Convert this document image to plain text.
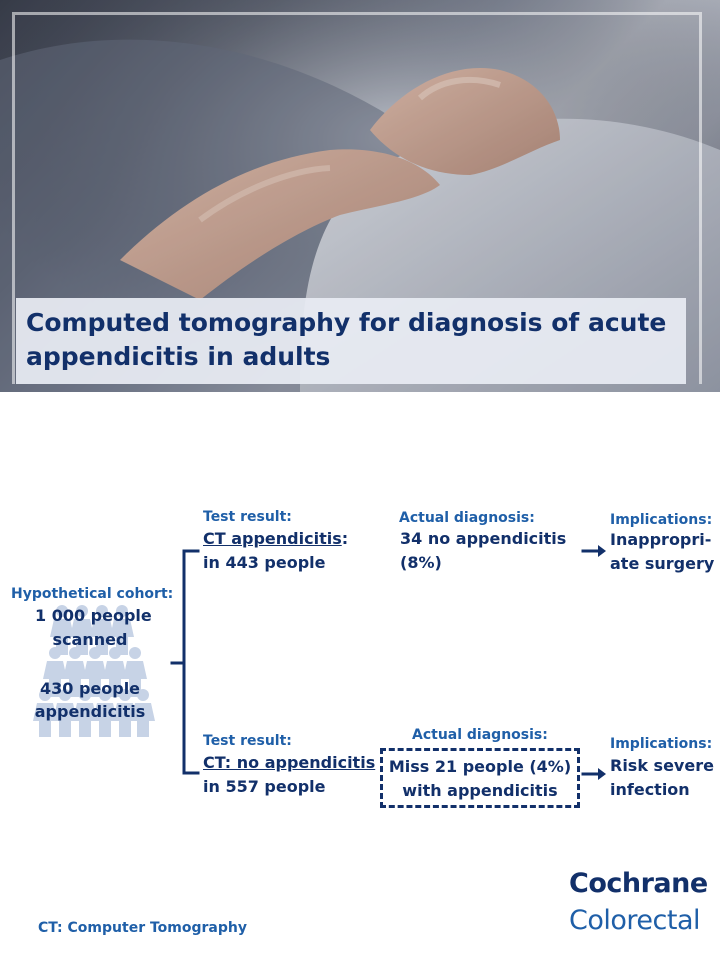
Computed tomography for diagnosis of acute
appendicitis in adults
Hypothetical cohort:
1 000 people
scanned
430 people
appendicitis
Test result:
CT appendicitis:
in 443 people
Actual diagnosis:
34 no appendicitis
(8%)
Implications:
Inappropri-
ate surgery
Test result:
CT: no appendicitis
in 557 people
Actual diagnosis:
Miss 21 people (4%)
with appendicitis
Implications:
Risk severe
infection
Cochrane
Colorectal
CT: Computer Tomography
